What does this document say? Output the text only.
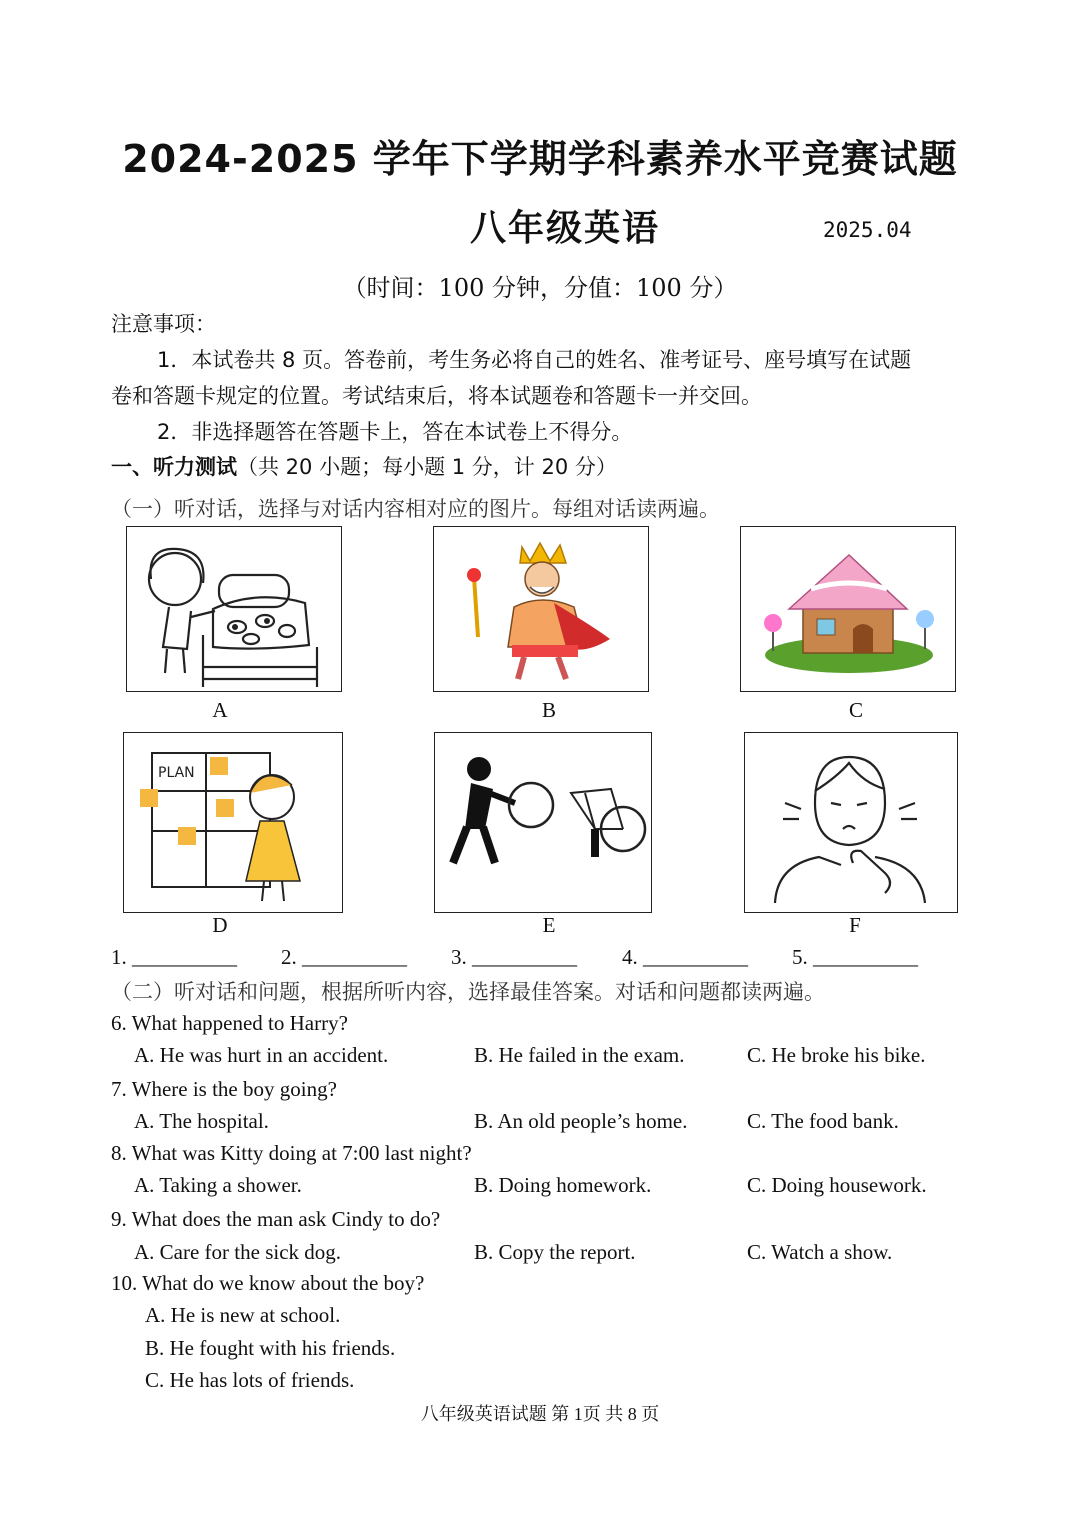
2024-2025 学年下学期学科素养水平竞赛试题
八年级英语	2025.04
（时间：100 分钟，分值：100 分）
注意事项：
1．本试卷共 8 页。答卷前，考生务必将自己的姓名、准考证号、座号填写在试题
卷和答题卡规定的位置。考试结束后，将本试题卷和答题卡一并交回。
2．非选择题答在答题卡上，答在本试卷上不得分。
一、听力测试（共 20 小题；每小题 1 分，计 20 分）
（一）听对话，选择与对话内容相对应的图片。每组对话读两遍。
A	B	C
PLAN
D	E	F
1. __________ 2. __________ 3. __________ 4. __________ 5. __________
（二）听对话和问题，根据所听内容，选择最佳答案。对话和问题都读两遍。
6. What happened to Harry?
A. He was hurt in an accident.	B. He failed in the exam.	C. He broke his bike.
7. Where is the boy going?
A. The hospital.	B. An old people’s home.	C. The food bank.
8. What was Kitty doing at 7:00 last night?
A. Taking a shower.	B. Doing homework.	C. Doing housework.
9. What does the man ask Cindy to do?
A. Care for the sick dog.	B. Copy the report.	C. Watch a show.
10. What do we know about the boy?
A. He is new at school.
B. He fought with his friends.
C. He has lots of friends.
八年级英语试题 第 1页 共 8 页
